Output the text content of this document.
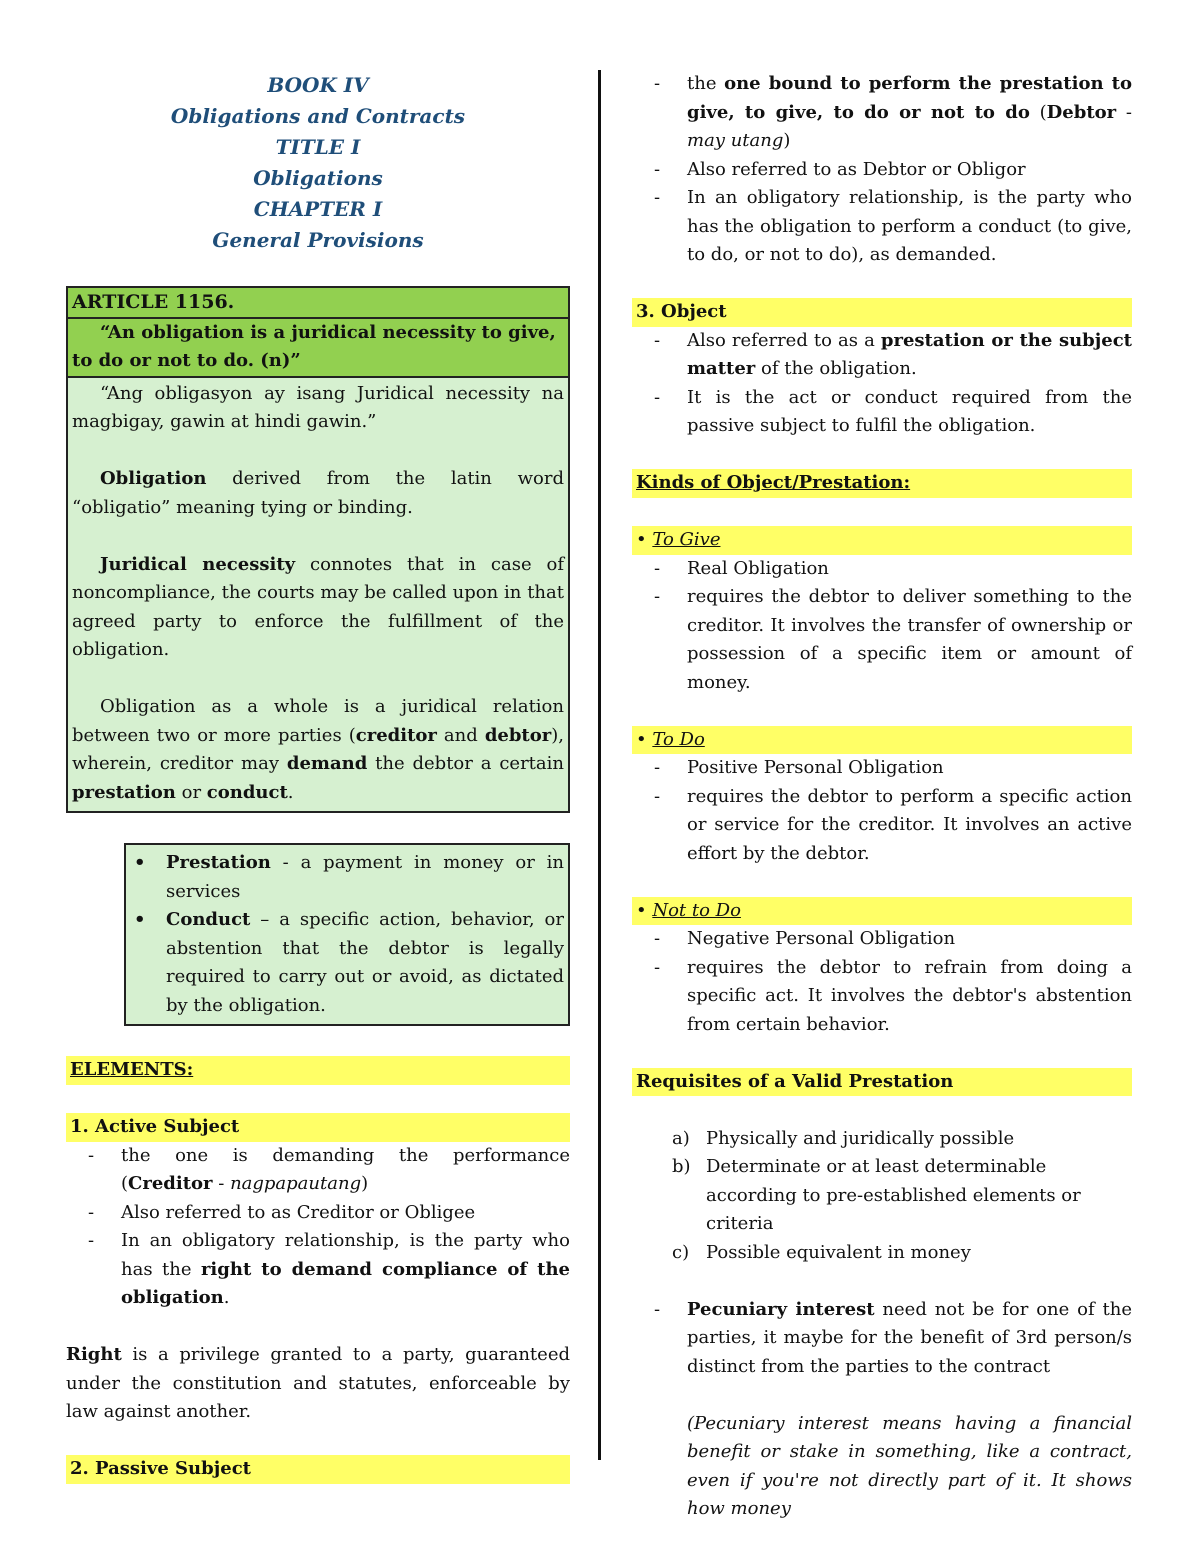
BOOK IV
Obligations and Contracts
TITLE I
Obligations
CHAPTER I
General Provisions
ARTICLE 1156.
“An obligation is a juridical necessity to give, to do or not to do. (n)”

“Ang obligasyon ay isang Juridical necessity na magbigay, gawin at hindi gawin.”

Obligation derived from the latin word “obligatio” meaning tying or binding.

Juridical necessity connotes that in case of noncompliance, the courts may be called upon in that agreed party to enforce the fulfillment of the obligation.

Obligation as a whole is a juridical relation between two or more parties (creditor and debtor), wherein, creditor may demand the debtor a certain prestation or conduct.

• Prestation - a payment in money or in services
• Conduct – a specific action, behavior, or abstention that the debtor is legally required to carry out or avoid, as dictated by the obligation.
ELEMENTS:
1. Active Subject
- the one is demanding the performance (Creditor - nagpapautang)
- Also referred to as Creditor or Obligee
- In an obligatory relationship, is the party who has the right to demand compliance of the obligation.
Right is a privilege granted to a party, guaranteed under the constitution and statutes, enforceable by law against another.
2. Passive Subject
- the one bound to perform the prestation to give, to give, to do or not to do (Debtor - may utang)
- Also referred to as Debtor or Obligor
- In an obligatory relationship, is the party who has the obligation to perform a conduct (to give, to do, or not to do), as demanded.
3. Object
- Also referred to as a prestation or the subject matter of the obligation.
- It is the act or conduct required from the passive subject to fulfil the obligation.
Kinds of Object/Prestation:
• To Give
- Real Obligation
- requires the debtor to deliver something to the creditor. It involves the transfer of ownership or possession of a specific item or amount of money.
• To Do
- Positive Personal Obligation
- requires the debtor to perform a specific action or service for the creditor. It involves an active effort by the debtor.
• Not to Do
- Negative Personal Obligation
- requires the debtor to refrain from doing a specific act. It involves the debtor's abstention from certain behavior.
Requisites of a Valid Prestation
a) Physically and juridically possible
b) Determinate or at least determinable according to pre-established elements or criteria
c) Possible equivalent in money
- Pecuniary interest need not be for one of the parties, it maybe for the benefit of 3rd person/s distinct from the parties to the contract
(Pecuniary interest means having a financial benefit or stake in something, like a contract, even if you're not directly part of it. It shows how money
